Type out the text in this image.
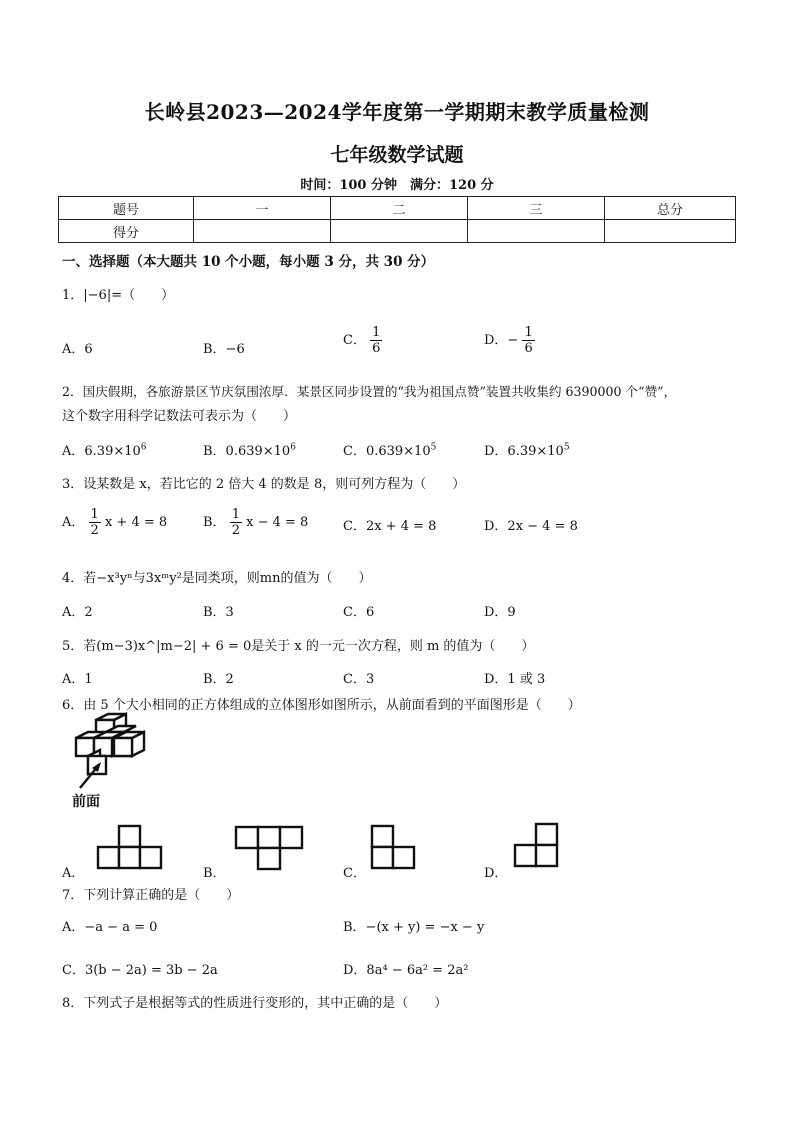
长岭县2023—2024学年度第一学期期末教学质量检测
七年级数学试题
时间：100 分钟　满分：120 分
题号	一	二	三	总分
得分				
一、选择题（本大题共 10 个小题，每小题 3 分，共 30 分）
1．|−6|=（　　）
A．6	B．−6
C． $\frac{1}{6}$	D．− $\frac{1}{6}$
2．国庆假期，各旅游景区节庆氛围浓厚．某景区同步设置的“我为祖国点赞”装置共收集约 6390000 个“赞”，
这个数字用科学记数法可表示为（　　）
A．$6.39\times 10^6$	B．$0.639\times 10^6$	C．$0.639\times 10^5$	D．$6.39\times 10^5$
3．设某数是 x，若比它的 2 倍大 4 的数是 8，则可列方程为（　　）
A． $\frac{1}{2}$ x + 4 = 8	B． $\frac{1}{2}$ x − 4 = 8	C．2x + 4 = 8	D．2x − 4 = 8
4．若−x³yⁿ与3xᵐy²是同类项，则mn的值为（　　）
A．2	B．3	C．6	D．9
5．若(m−3)x^|m−2| + 6 = 0是关于 x 的一元一次方程，则 m 的值为（　　）
A．1	B．2	C．3	D．1 或 3
6．由 5 个大小相同的正方体组成的立体图形如图所示，从前面看到的平面图形是（　　）
前面
A．	B．	C．	D．
7．下列计算正确的是（　　）
A．−a − a = 0	B．−(x + y) = −x − y
C．3(b − 2a) = 3b − 2a	D．8a⁴ − 6a² = 2a²
8．下列式子是根据等式的性质进行变形的，其中正确的是（　　）
